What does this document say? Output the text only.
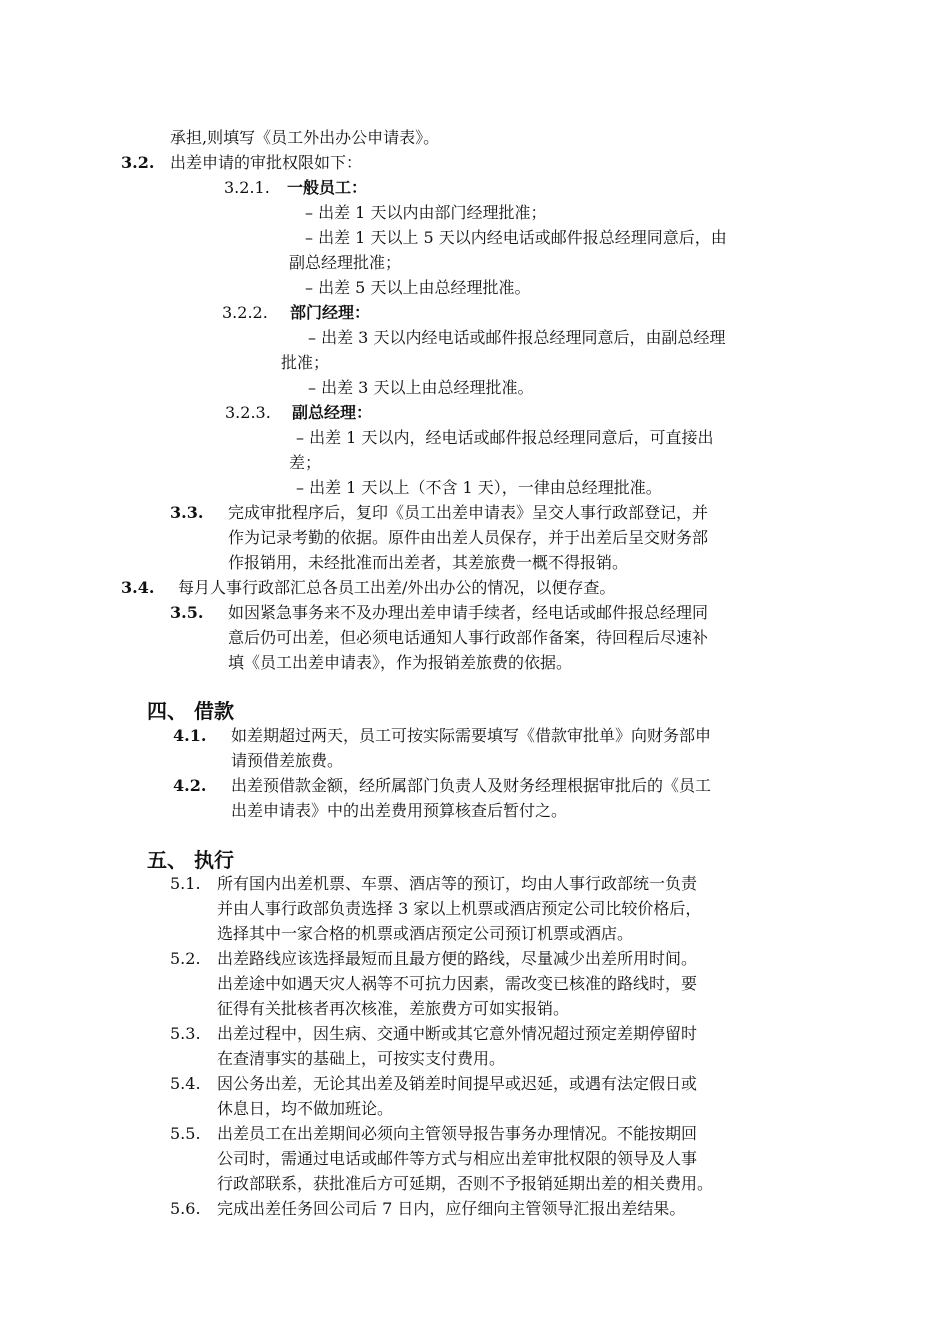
承担,则填写《员工外出办公申请表》。
3.2. 出差申请的审批权限如下：
3.2.1. 一般员工：
– 出差 1 天以内由部门经理批准；
– 出差 1 天以上 5 天以内经电话或邮件报总经理同意后，由
副总经理批准；
– 出差 5 天以上由总经理批准。
3.2.2. 部门经理：
– 出差 3 天以内经电话或邮件报总经理同意后，由副总经理
批准；
– 出差 3 天以上由总经理批准。
3.2.3. 副总经理：
– 出差 1 天以内，经电话或邮件报总经理同意后，可直接出
差；
– 出差 1 天以上（不含 1 天），一律由总经理批准。
3.3. 完成审批程序后，复印《员工出差申请表》呈交人事行政部登记，并
作为记录考勤的依据。原件由出差人员保存，并于出差后呈交财务部
作报销用，未经批准而出差者，其差旅费一概不得报销。
3.4. 每月人事行政部汇总各员工出差/外出办公的情况，以便存查。
3.5. 如因紧急事务来不及办理出差申请手续者，经电话或邮件报总经理同
意后仍可出差，但必须电话通知人事行政部作备案，待回程后尽速补
填《员工出差申请表》，作为报销差旅费的依据。
四、 借款
4.1. 如差期超过两天，员工可按实际需要填写《借款审批单》向财务部申
请预借差旅费。
4.2. 出差预借款金额，经所属部门负责人及财务经理根据审批后的《员工
出差申请表》中的出差费用预算核查后暂付之。
五、 执行
5.1. 所有国内出差机票、车票、酒店等的预订，均由人事行政部统一负责
并由人事行政部负责选择 3 家以上机票或酒店预定公司比较价格后，
选择其中一家合格的机票或酒店预定公司预订机票或酒店。
5.2. 出差路线应该选择最短而且最方便的路线，尽量减少出差所用时间。
出差途中如遇天灾人祸等不可抗力因素，需改变已核准的路线时，要
征得有关批核者再次核准，差旅费方可如实报销。
5.3. 出差过程中，因生病、交通中断或其它意外情况超过预定差期停留时
在查清事实的基础上，可按实支付费用。
5.4. 因公务出差，无论其出差及销差时间提早或迟延，或遇有法定假日或
休息日，均不做加班论。
5.5. 出差员工在出差期间必须向主管领导报告事务办理情况。不能按期回
公司时，需通过电话或邮件等方式与相应出差审批权限的领导及人事
行政部联系，获批准后方可延期，否则不予报销延期出差的相关费用。
5.6. 完成出差任务回公司后 7 日内，应仔细向主管领导汇报出差结果。
